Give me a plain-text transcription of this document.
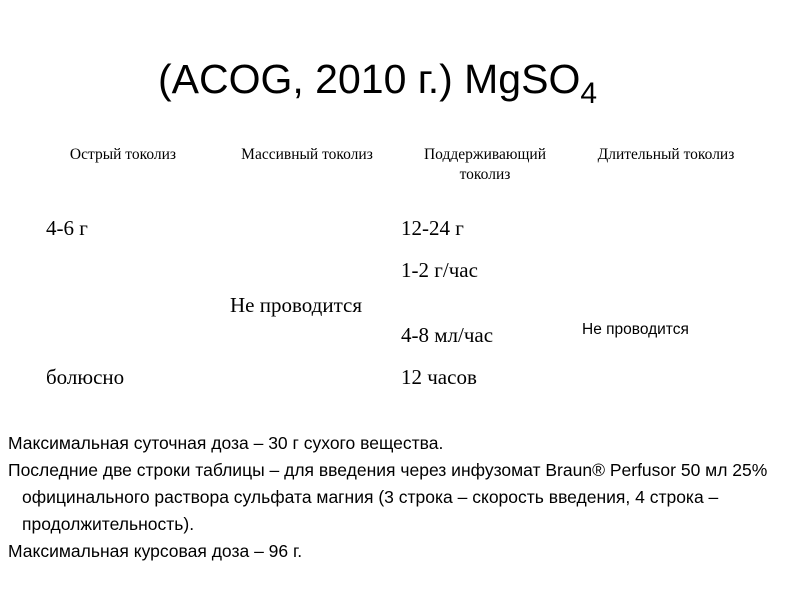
(ACOG, 2010 г.) MgSO$_4$
Острый токолиз	Массивный токолиз	Поддерживающий токолиз
Длительный токолиз
4-6 г
болюсно
Не проводится
12-24 г
1-2 г/час
4-8 мл/час
12 часов
Не проводится
Максимальная суточная доза – 30 г сухого вещества.
Последние две строки таблицы – для введения через инфузомат Braun® Perfusor 50 мл 25% официнального раствора сульфата магния (3 строка – скорость введения, 4 строка – продолжительность).
Максимальная курсовая доза – 96 г.
